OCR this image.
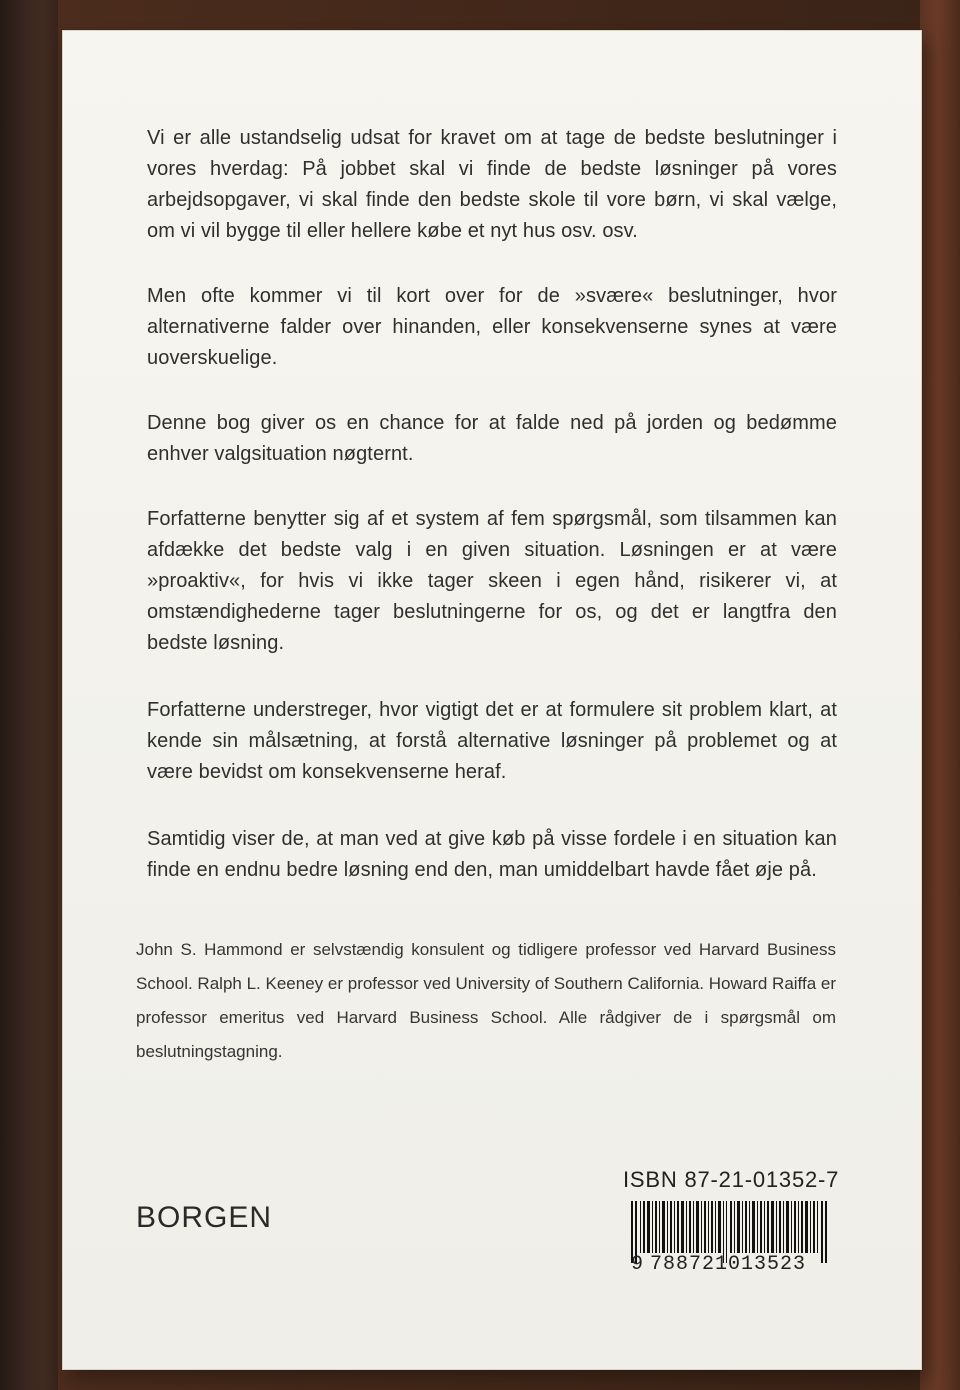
Vi er alle ustandselig udsat for kravet om at tage de bedste beslutninger i vores hverdag: På jobbet skal vi finde de bedste løsninger på vores arbejdsopgaver, vi skal finde den bedste skole til vore børn, vi skal vælge, om vi vil bygge til eller hellere købe et nyt hus osv. osv.

Men ofte kommer vi til kort over for de »svære« beslutninger, hvor alternativerne falder over hinanden, eller konsekvenserne synes at være uoverskuelige.

Denne bog giver os en chance for at falde ned på jorden og bedømme enhver valgsituation nøgternt.

Forfatterne benytter sig af et system af fem spørgsmål, som tilsammen kan afdække det bedste valg i en given situation. Løsningen er at være »proaktiv«, for hvis vi ikke tager skeen i egen hånd, risikerer vi, at omstændighederne tager beslutningerne for os, og det er langtfra den bedste løsning.

Forfatterne understreger, hvor vigtigt det er at formulere sit problem klart, at kende sin målsætning, at forstå alternative løsninger på problemet og at være bevidst om konsekvenserne heraf.

Samtidig viser de, at man ved at give køb på visse fordele i en situation kan finde en endnu bedre løsning end den, man umiddelbart havde fået øje på.

John S. Hammond er selvstændig konsulent og tidligere professor ved Harvard Business School. Ralph L. Keeney er professor ved University of Southern California. Howard Raiffa er professor emeritus ved Harvard Business School. Alle rådgiver de i spørgsmål om beslutningstagning.
BORGEN
ISBN 87-21-01352-7
9 788721013523
